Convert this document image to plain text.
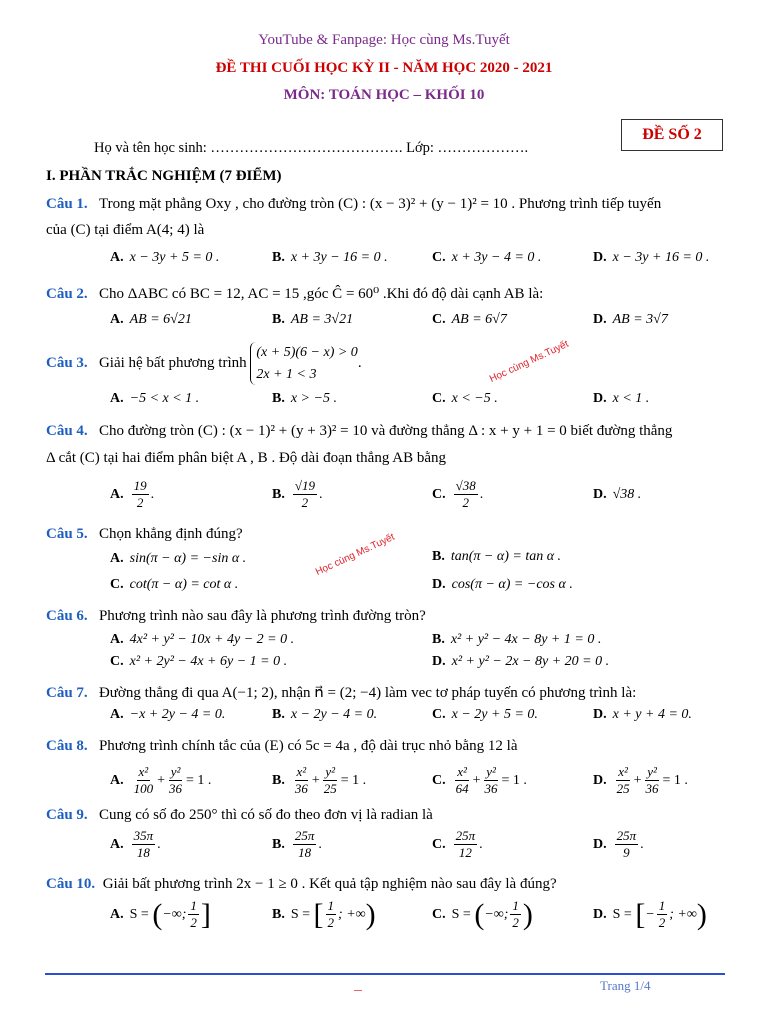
YouTube & Fanpage: Học cùng Ms.Tuyết
ĐỀ THI CUỐI HỌC KỲ II - NĂM HỌC 2020 - 2021
MÔN: TOÁN HỌC – KHỐI 10
ĐỀ SỐ 2
Họ và tên học sinh: …………………………………. Lớp: ……………….
I. PHẦN TRẮC NGHIỆM (7 ĐIỂM)
Câu 1. Trong mặt phẳng Oxy , cho đường tròn (C) : (x − 3)² + (y − 1)² = 10 . Phương trình tiếp tuyến
của (C) tại điểm A(4; 4) là
A. x − 3y + 5 = 0 .	B. x + 3y − 16 = 0 .	C. x + 3y − 4 = 0 .	D. x − 3y + 16 = 0 .
Câu 2. Cho ΔABC có BC = 12, AC = 15 ,góc Ĉ = 60⁰ .Khi đó độ dài cạnh AB là:
A. AB = 6√21	B. AB = 3√21	C. AB = 6√7	D. AB = 3√7
Câu 3. Giải hệ bất phương trình
(x + 5)(6 − x) > 0
2x + 1 < 3
.	Học cùng Ms.Tuyết
A. −5 < x < 1 .	B. x > −5 .	C. x < −5 .	D. x < 1 .
Câu 4. Cho đường tròn (C) : (x − 1)² + (y + 3)² = 10 và đường thẳng Δ : x + y + 1 = 0 biết đường thẳng
Δ cắt (C) tại hai điểm phân biệt A , B . Độ dài đoạn thẳng AB bằng
A. $\frac{19}{2}$ .	B. $\frac{√19}{2}$ .	C. $\frac{√38}{2}$ .	D. √38 .
Câu 5. Chọn khẳng định đúng?	Học cùng Ms.Tuyết
A. sin(π − α) = −sin α .	B. tan(π − α) = tan α .
C. cot(π − α) = cot α .	D. cos(π − α) = −cos α .
Câu 6. Phương trình nào sau đây là phương trình đường tròn?
A. 4x² + y² − 10x + 4y − 2 = 0 .	B. x² + y² − 4x − 8y + 1 = 0 .
C. x² + 2y² − 4x + 6y − 1 = 0 .	D. x² + y² − 2x − 8y + 20 = 0 .
Câu 7. Đường thẳng đi qua A(−1; 2), nhận n⃗ = (2; −4) làm vec tơ pháp tuyến có phương trình là:
A. −x + 2y − 4 = 0.	B. x − 2y − 4 = 0.	C. x − 2y + 5 = 0.	D. x + y + 4 = 0.
Câu 8. Phương trình chính tắc của (E) có 5c = 4a , độ dài trục nhỏ bằng 12 là
A. $\frac{\text{x²}}{100} + \frac{\text{y²}}{36} = 1$ .	B. $\frac{\text{x²}}{36} + \frac{\text{y²}}{25} = 1$ .	C. $\frac{\text{x²}}{64} + \frac{\text{y²}}{36} = 1$ .	D. $\frac{\text{x²}}{25} + \frac{\text{y²}}{36} = 1$ .
Câu 9. Cung có số đo 250° thì có số đo theo đơn vị là radian là
A. $\frac{35\pi}{18}$ .	B. $\frac{25\pi}{18}$ .	C. $\frac{25\pi}{12}$ .	D. $\frac{25\pi}{9}$ .
Câu 10. Giải bất phương trình 2x − 1 ≥ 0 . Kết quả tập nghiệm nào sau đây là đúng?
A. S = (−∞; $\frac{1}{2}$ ]	B. S = [ $\frac{1}{2}$ ; +∞)	C. S = (−∞; $\frac{1}{2}$ )	D. S = [− $\frac{1}{2}$ ; +∞)
Trang 1/4
